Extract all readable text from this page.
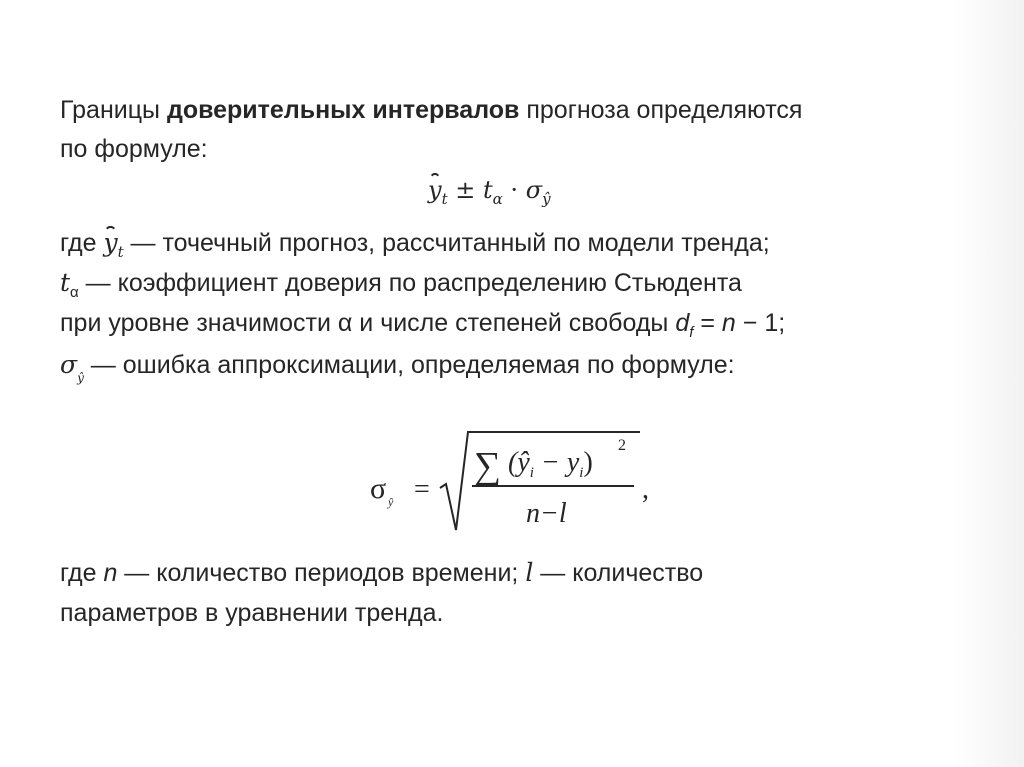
Границы доверительных интервалов прогноза определяются
по формуле:
$y_t \pm t_\alpha \cdot \sigma_ŷ$
где $y_t$ — точечный прогноз, рассчитанный по модели тренда;
$t_\alpha$ — коэффициент доверия по распределению Стьюдента
при уровне значимости α и числе степеней свободы $d_f = n - 1$;
$\sigma_ŷ$ — ошибка аппроксимации, определяемая по формуле:
σ ŷ =
∑ $(ŷ_i - y_i)$
2
n−l
,
где n — количество периодов времени; l — количество
параметров в уравнении тренда.
